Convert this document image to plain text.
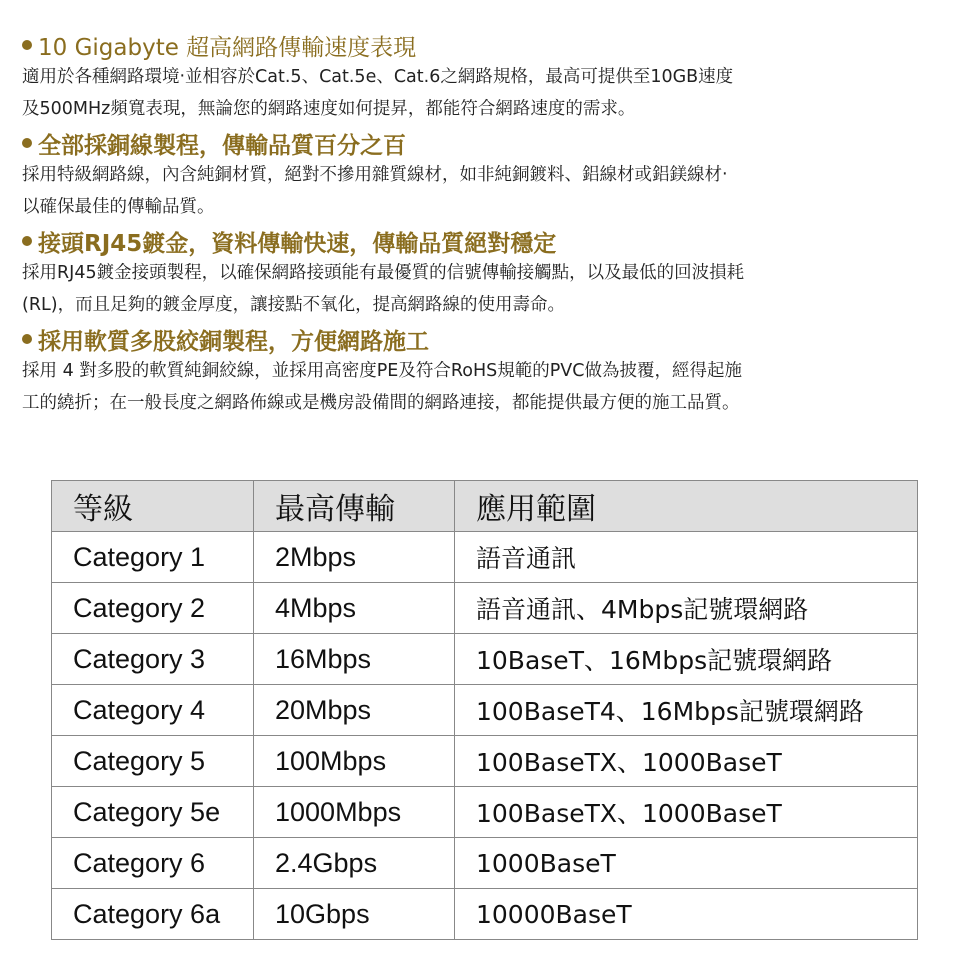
10 Gigabyte 超高網路傳輸速度表現
適用於各種網路環境‧並相容於Cat.5、Cat.5e、Cat.6之網路規格，最高可提供至10GB速度
及500MHz頻寬表現，無論您的網路速度如何提昇，都能符合網路速度的需求。
全部採銅線製程，傳輸品質百分之百
採用特級網路線，內含純銅材質，絕對不摻用雜質線材，如非純銅鍍料、鋁線材或鋁鎂線材‧
以確保最佳的傳輸品質。
接頭RJ45鍍金，資料傳輸快速，傳輸品質絕對穩定
採用RJ45鍍金接頭製程，以確保網路接頭能有最優質的信號傳輸接觸點，以及最低的回波損耗
(RL)，而且足夠的鍍金厚度，讓接點不氧化，提高網路線的使用壽命。
採用軟質多股絞銅製程，方便網路施工
採用 4 對多股的軟質純銅絞線，並採用高密度PE及符合RoHS規範的PVC做為披覆，經得起施
工的繞折；在一般長度之網路佈線或是機房設備間的網路連接，都能提供最方便的施工品質。
等級	最高傳輸	應用範圍
Category 1	2Mbps	語音通訊
Category 2	4Mbps	語音通訊、4Mbps記號環網路
Category 3	16Mbps	10BaseT、16Mbps記號環網路
Category 4	20Mbps	100BaseT4、16Mbps記號環網路
Category 5	100Mbps	100BaseTX、1000BaseT
Category 5e	1000Mbps	100BaseTX、1000BaseT
Category 6	2.4Gbps	1000BaseT
Category 6a	10Gbps	10000BaseT
